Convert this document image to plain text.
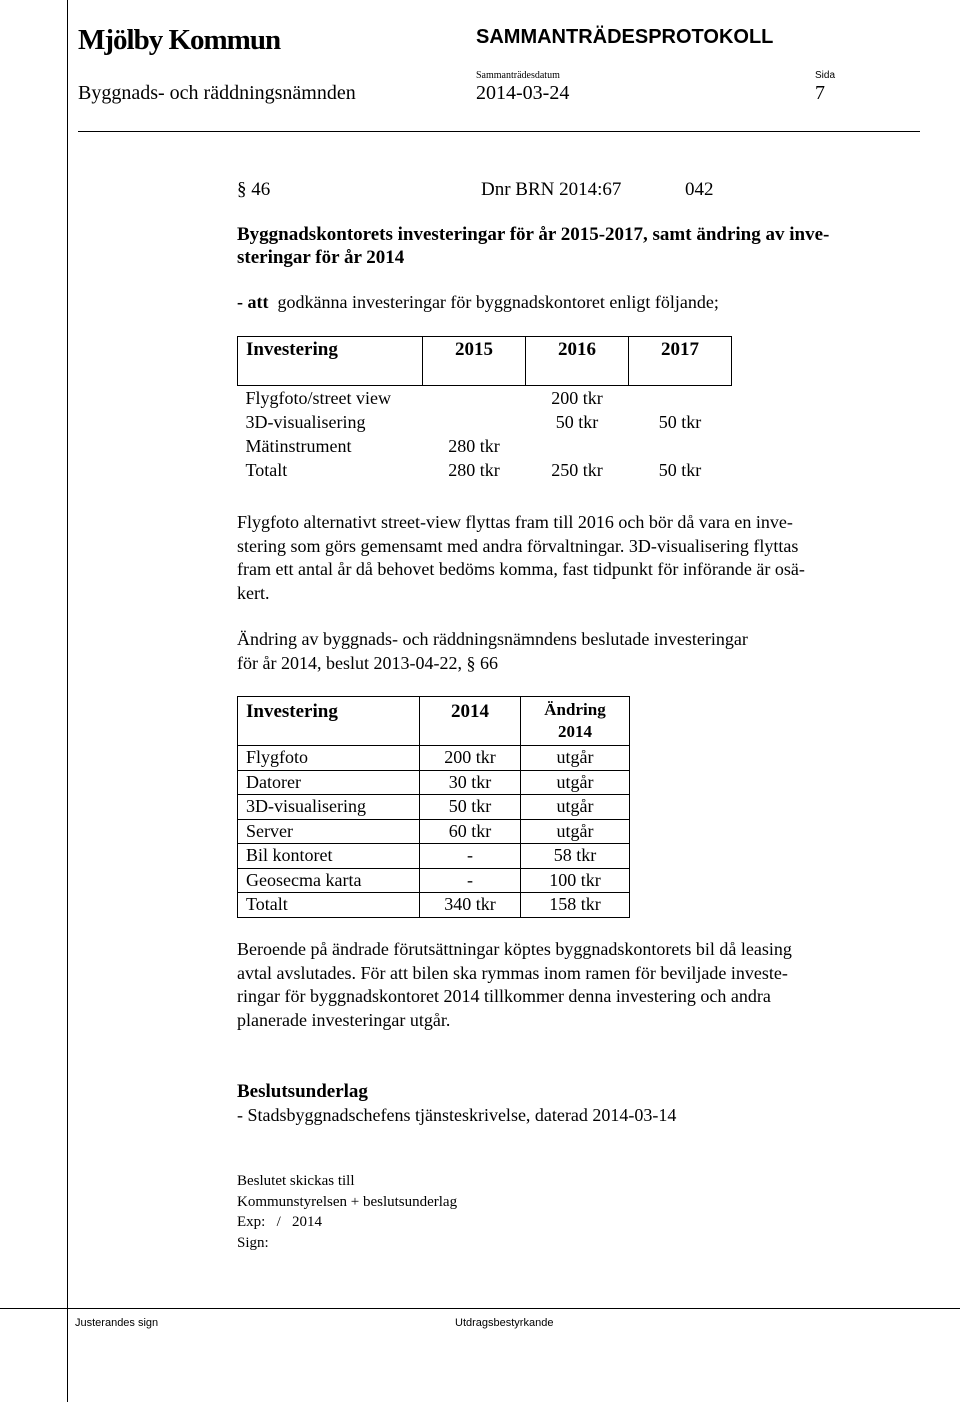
Mjölby Kommun	SAMMANTRÄDESPROTOKOLL
Sammanträdesdatum	Sida
Byggnads- och räddningsnämnden	2014-03-24	7
§ 46	Dnr BRN 2014:67	042
Byggnadskontorets investeringar för år 2015-2017, samt ändring av inve-
steringar för år 2014
- att godkänna investeringar för byggnadskontoret enligt följande;
Investering	2015	2016	2017

Flygfoto/street view		200 tkr	
3D-visualisering		50 tkr	50 tkr
Mätinstrument	280 tkr		
Totalt	280 tkr	250 tkr	50 tkr
Flygfoto alternativt street-view flyttas fram till 2016 och bör då vara en inve-
stering som görs gemensamt med andra förvaltningar. 3D-visualisering flyttas
fram ett antal år då behovet bedöms komma, fast tidpunkt för införande är osä-
kert.
Ändring av byggnads- och räddningsnämndens beslutade investeringar
för år 2014, beslut 2013-04-22, § 66
Investering	2014	Ändring
2014

Flygfoto	200 tkr	utgår
Datorer	30 tkr	utgår
3D-visualisering	50 tkr	utgår
Server	60 tkr	utgår
Bil kontoret	-	58 tkr
Geosecma karta	-	100 tkr
Totalt	340 tkr	158 tkr
Beroende på ändrade förutsättningar köptes byggnadskontorets bil då leasing
avtal avslutades. För att bilen ska rymmas inom ramen för beviljade investe-
ringar för byggnadskontoret 2014 tillkommer denna investering och andra
planerade investeringar utgår.
Beslutsunderlag
- Stadsbyggnadschefens tjänsteskrivelse, daterad 2014-03-14
Beslutet skickas till
Kommunstyrelsen + beslutsunderlag
Exp:   /   2014
Sign:
Justerandes sign	Utdragsbestyrkande
